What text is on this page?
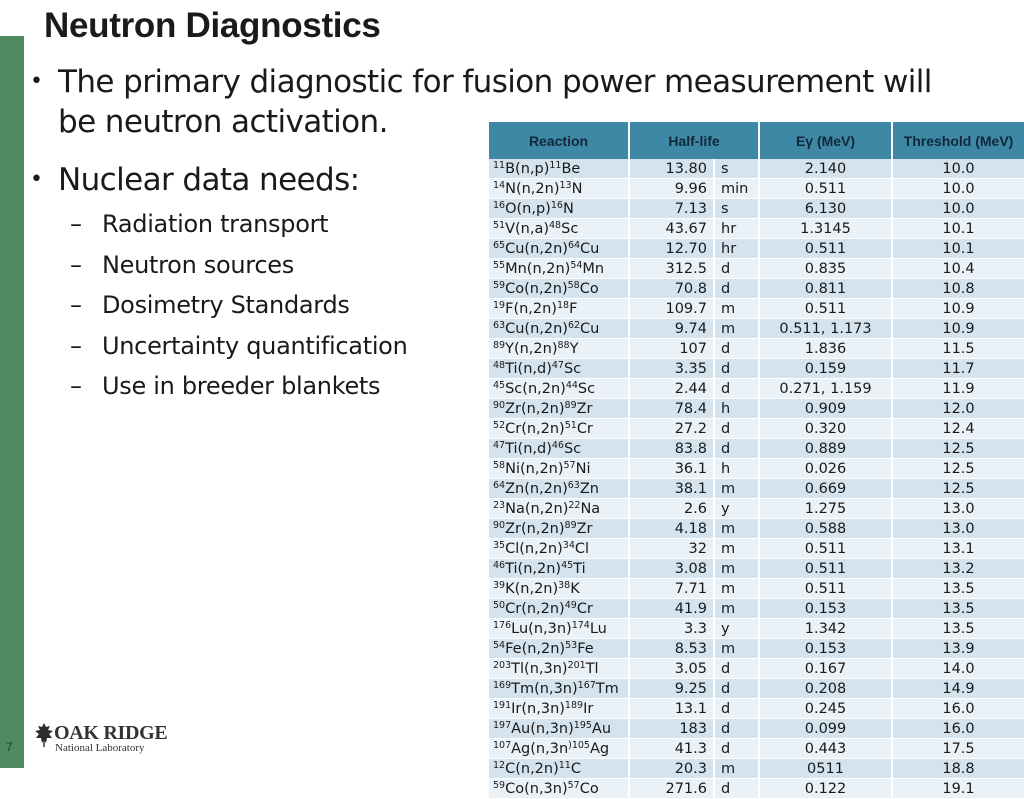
Neutron Diagnostics
• The primary diagnostic for fusion power measurement will be neutron activation.
• Nuclear data needs:
– Radiation transport
– Neutron sources
– Dosimetry Standards
– Uncertainty quantification
– Use in breeder blankets
Reaction	Half-life		Eγ (MeV)	Threshold (MeV)
$^{11}B(n,p)^{11}Be$	13.80	s	2.140	10.0
$^{14}N(n,2n)^{13}N$	9.96	min	0.511	10.0
$^{16}O(n,p)^{16}N$	7.13	s	6.130	10.0
$^{51}V(n,a)^{48}Sc$	43.67	hr	1.3145	10.1
$^{65}Cu(n,2n)^{64}Cu$	12.70	hr	0.511	10.1
$^{55}Mn(n,2n)^{54}Mn$	312.5	d	0.835	10.4
$^{59}Co(n,2n)^{58}Co$	70.8	d	0.811	10.8
$^{19}F(n,2n)^{18}F$	109.7	m	0.511	10.9
$^{63}Cu(n,2n)^{62}Cu$	9.74	m	0.511, 1.173	10.9
$^{89}Y(n,2n)^{88}Y$	107	d	1.836	11.5
$^{48}Ti(n,d)^{47}Sc$	3.35	d	0.159	11.7
$^{45}Sc(n,2n)^{44}Sc$	2.44	d	0.271, 1.159	11.9
$^{90}Zr(n,2n)^{89}Zr$	78.4	h	0.909	12.0
$^{52}Cr(n,2n)^{51}Cr$	27.2	d	0.320	12.4
$^{47}Ti(n,d)^{46}Sc$	83.8	d	0.889	12.5
$^{58}Ni(n,2n)^{57}Ni$	36.1	h	0.026	12.5
$^{64}Zn(n,2n)^{63}Zn$	38.1	m	0.669	12.5
$^{23}Na(n,2n)^{22}Na$	2.6	y	1.275	13.0
$^{90}Zr(n,2n)^{89}Zr$	4.18	m	0.588	13.0
$^{35}Cl(n,2n)^{34}Cl$	32	m	0.511	13.1
$^{46}Ti(n,2n)^{45}Ti$	3.08	m	0.511	13.2
$^{39}K(n,2n)^{38}K$	7.71	m	0.511	13.5
$^{50}Cr(n,2n)^{49}Cr$	41.9	m	0.153	13.5
$^{176}Lu(n,3n)^{174}Lu$	3.3	y	1.342	13.5
$^{54}Fe(n,2n)^{53}Fe$	8.53	m	0.153	13.9
$^{203}Tl(n,3n)^{201}Tl$	3.05	d	0.167	14.0
$^{169}Tm(n,3n)^{167}Tm$	9.25	d	0.208	14.9
$^{191}Ir(n,3n)^{189}Ir$	13.1	d	0.245	16.0
$^{197}Au(n,3n)^{195}Au$	183	d	0.099	16.0
$^{107}Ag(n,3n^{)105}Ag$	41.3	d	0.443	17.5
$^{12}C(n,2n)^{11}C$	20.3	m	0511	18.8
$^{59}Co(n,3n)^{57}Co$	271.6	d	0.122	19.1
7
OAK RIDGE
National Laboratory
